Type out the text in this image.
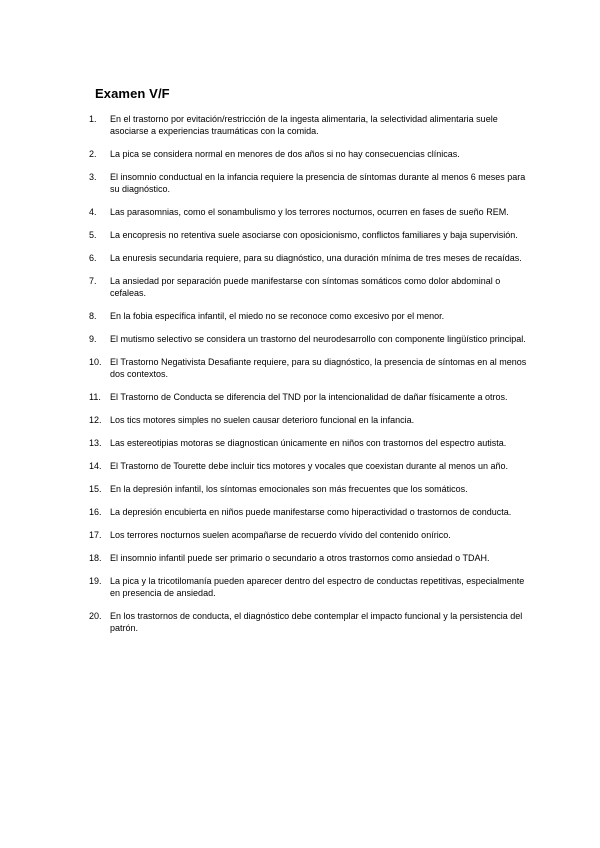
Examen V/F
1.	En el trastorno por evitación/restricción de la ingesta alimentaria, la selectividad alimentaria suele asociarse a experiencias traumáticas con la comida.
2.	La pica se considera normal en menores de dos años si no hay consecuencias clínicas.
3.	El insomnio conductual en la infancia requiere la presencia de síntomas durante al menos 6 meses para su diagnóstico.
4.	Las parasomnias, como el sonambulismo y los terrores nocturnos, ocurren en fases de sueño REM.
5.	La encopresis no retentiva suele asociarse con oposicionismo, conflictos familiares y baja supervisión.
6.	La enuresis secundaria requiere, para su diagnóstico, una duración mínima de tres meses de recaídas.
7.	La ansiedad por separación puede manifestarse con síntomas somáticos como dolor abdominal o cefaleas.
8.	En la fobia específica infantil, el miedo no se reconoce como excesivo por el menor.
9.	El mutismo selectivo se considera un trastorno del neurodesarrollo con componente lingüístico principal.
10. El Trastorno Negativista Desafiante requiere, para su diagnóstico, la presencia de síntomas en al menos dos contextos.
11.	El Trastorno de Conducta se diferencia del TND por la intencionalidad de dañar físicamente a otros.
12. Los tics motores simples no suelen causar deterioro funcional en la infancia.
13. Las estereotipias motoras se diagnostican únicamente en niños con trastornos del espectro autista.
14. El Trastorno de Tourette debe incluir tics motores y vocales que coexistan durante al menos un año.
15. En la depresión infantil, los síntomas emocionales son más frecuentes que los somáticos.
16. La depresión encubierta en niños puede manifestarse como hiperactividad o trastornos de conducta.
17. Los terrores nocturnos suelen acompañarse de recuerdo vívido del contenido onírico.
18. El insomnio infantil puede ser primario o secundario a otros trastornos como ansiedad o TDAH.
19. La pica y la tricotilomanía pueden aparecer dentro del espectro de conductas repetitivas, especialmente en presencia de ansiedad.
20. En los trastornos de conducta, el diagnóstico debe contemplar el impacto funcional y la persistencia del patrón.
